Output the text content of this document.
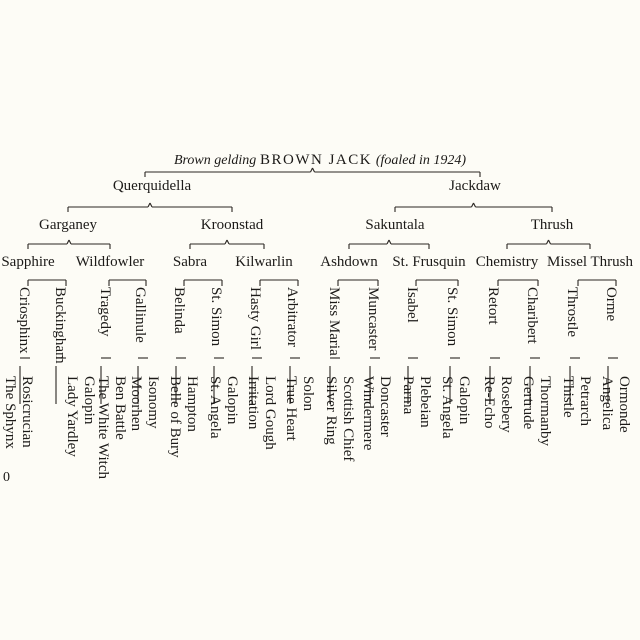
Brown gelding BROWN JACK (foaled in 1924)
Querquidella	Jackdaw
Garganey	Kroonstad	Sakuntala	Thrush
Sapphire Wildfowler Sabra Kilwarlin Ashdown St. Frusquin Chemistry Missel Thrush
Criosphinx Buckingham Tragedy Gallinule Belinda St. Simon Hasty Girl Arbitrator Miss Maria Muncaster Isabel St. Simon Retort Charibert Throstle Orme
Rosicrucian
The Sphynx	Galopin
Lady Yardley Ben Battle
The White Witch Isonomy
Moorhen	Hampton
Belle of Bury	Galopin
St. Angela	Lord Gough
Irritation	Solon
True Heart	Scottish Chief
Silver Ring	Doncaster
Windermere	Plebeian
Parma	Galopin
St. Angela	Rosebery
Re-Echo	Thormanby
Gertrude	Petrarch
Thistle	Ormonde
Angelica
0
